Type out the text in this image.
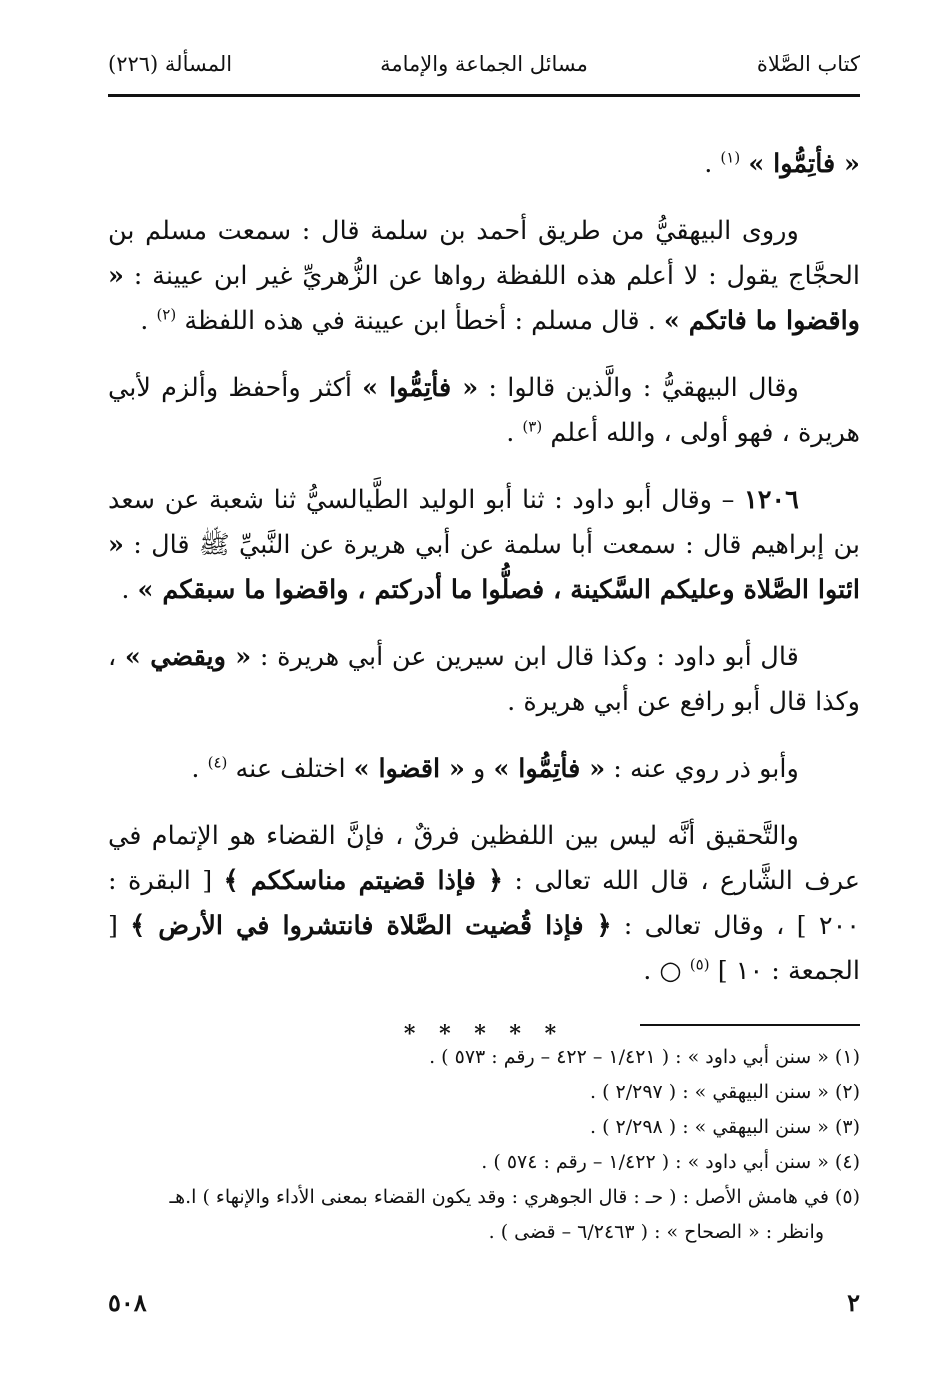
كتاب الصَّلاة
مسائل الجماعة والإمامة
المسألة (٢٢٦)

« فأتِمُّوا » $^{(١)}$ .

وروى البيهقيُّ من طريق أحمد بن سلمة قال : سمعت مسلم بن الحجَّاج يقول : لا أعلم هذه اللفظة رواها عن الزُّهريِّ غير ابن عيينة : « واقضوا ما فاتكم » . قال مسلم : أخطأ ابن عيينة في هذه اللفظة $^{(٢)}$ .

وقال البيهقيُّ : والَّذين قالوا : « فأتِمُّوا » أكثر وأحفظ وألزم لأبي هريرة ، فهو أولى ، والله أعلم $^{(٣)}$ .

١٢٠٦ – وقال أبو داود : ثنا أبو الوليد الطَّيالسيُّ ثنا شعبة عن سعد بن إبراهيم قال : سمعت أبا سلمة عن أبي هريرة عن النَّبيِّ ﷺ قال : « ائتوا الصَّلاة وعليكم السَّكينة ، فصلُّوا ما أدركتم ، واقضوا ما سبقكم » .

قال أبو داود : وكذا قال ابن سيرين عن أبي هريرة : « ويقضي » ، وكذا قال أبو رافع عن أبي هريرة .

وأبو ذر روي عنه : « فأتِمُّوا » و « اقضوا » اختلف عنه $^{(٤)}$ .

والتَّحقيق أنَّه ليس بين اللفظين فرقٌ ، فإنَّ القضاء هو الإتمام في عرف الشَّارع ، قال الله تعالى : ﴿ فإذا قضيتم مناسككم ﴾ [ البقرة : ٢٠٠ ] ، وقال تعالى : ﴿ فإذا قُضيت الصَّلاة فانتشروا في الأرض ﴾ [ الجمعة : ١٠ ] $^{(٥)}$ ○ .

* * * * *
(١) « سنن أبي داود » : ( ١/٤٢١ – ٤٢٢ – رقم : ٥٧٣ ) .
(٢) « سنن البيهقي » : ( ٢/٢٩٧ ) .
(٣) « سنن البيهقي » : ( ٢/٢٩٨ ) .
(٤) « سنن أبي داود » : ( ١/٤٢٢ – رقم : ٥٧٤ ) .
(٥) في هامش الأصل : ( حـ : قال الجوهري : وقد يكون القضاء بمعنى الأداء والإنهاء ) ا.هـ
وانظر : « الصحاح » : ( ٦/٢٤٦٣ – قضى ) .
٢
٥٠٨
